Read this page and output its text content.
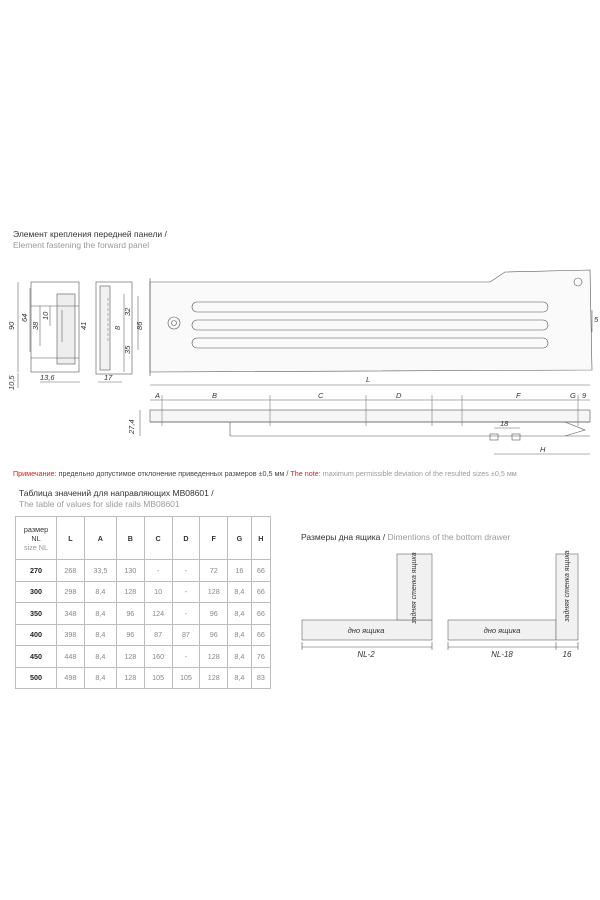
Элемент крепления передней панели /
Element fastening the forward panel
90
64
38
10
41	8
32
86
35
10,5	13,6	17	L
A	B	C	D	F	G 9
27,4	18
H
5
Примечание: предельно допустимое отклонение приведенных размеров ±0,5 мм / The note: maximum permissible deviation of the resulted sizes ±0,5 мм
Таблица значений для направляющих MB08601 /
The table of values for slide rails MB08601
размер
NL
size NL	L	A	B	C	D	F	G	H
270	268	33,5	130	-	-	72	16	66
300	298	8,4	128	10	-	128	8,4	66
350	348	8,4	96	124	-	96	8,4	66
400	398	8,4	96	87	87	96	8,4	66
450	448	8,4	128	160	-	128	8,4	76
500	498	8,4	128	105	105	128	8,4	83
Размеры дна ящика / Dimentions of the bottom drawer
дно ящика
задняя стенка ящика
NL-2
дно ящика
задняя стенка ящика
NL-18	16
